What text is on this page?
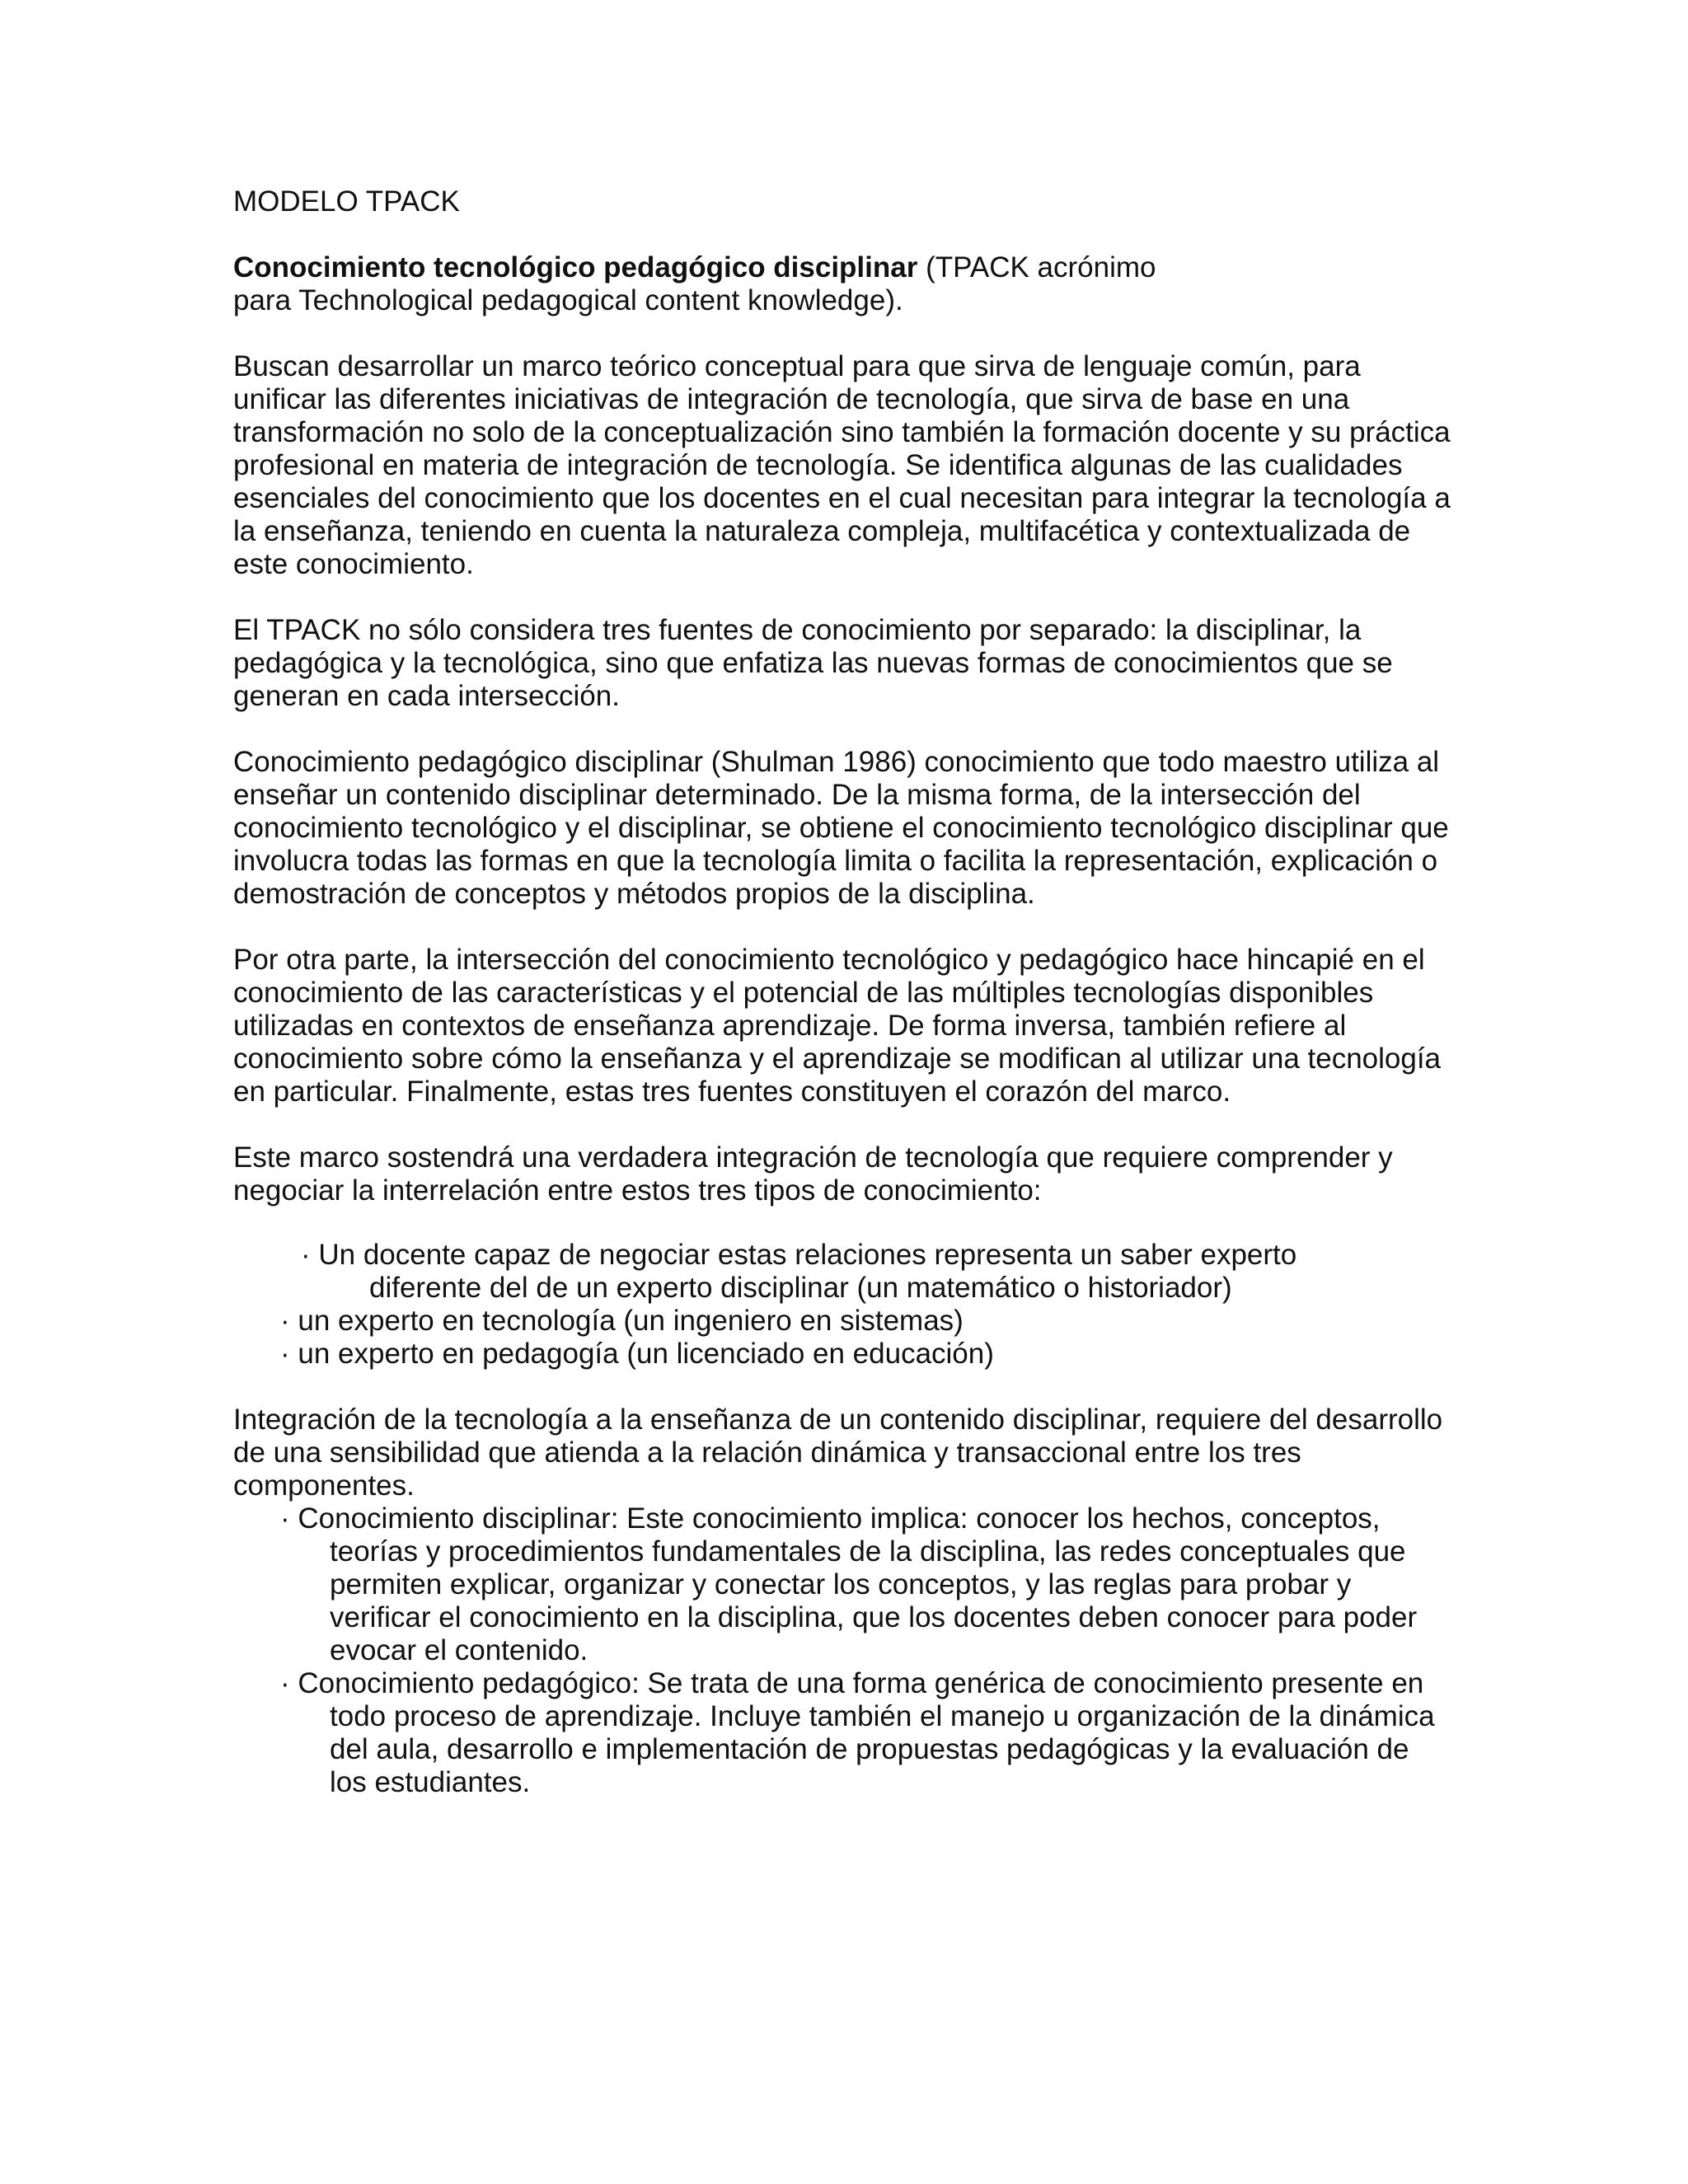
MODELO TPACK

Conocimiento tecnológico pedagógico disciplinar (TPACK acrónimo
para Technological pedagogical content knowledge).

Buscan desarrollar un marco teórico conceptual para que sirva de lenguaje común, para unificar las diferentes iniciativas de integración de tecnología, que sirva de base en una transformación no solo de la conceptualización sino también la formación docente y su práctica profesional en materia de integración de tecnología. Se identifica algunas de las cualidades esenciales del conocimiento que los docentes en el cual necesitan para integrar la tecnología a la enseñanza, teniendo en cuenta la naturaleza compleja, multifacética y contextualizada de este conocimiento.

El TPACK no sólo considera tres fuentes de conocimiento por separado: la disciplinar, la pedagógica y la tecnológica, sino que enfatiza las nuevas formas de conocimientos que se generan en cada intersección.

Conocimiento pedagógico disciplinar (Shulman 1986) conocimiento que todo maestro utiliza al enseñar un contenido disciplinar determinado. De la misma forma, de la intersección del conocimiento tecnológico y el disciplinar, se obtiene el conocimiento tecnológico disciplinar que involucra todas las formas en que la tecnología limita o facilita la representación, explicación o demostración de conceptos y métodos propios de la disciplina.

Por otra parte, la intersección del conocimiento tecnológico y pedagógico hace hincapié en el conocimiento de las características y el potencial de las múltiples tecnologías disponibles utilizadas en contextos de enseñanza aprendizaje. De forma inversa, también refiere al conocimiento sobre cómo la enseñanza y el aprendizaje se modifican al utilizar una tecnología en particular. Finalmente, estas tres fuentes constituyen el corazón del marco.

Este marco sostendrá una verdadera integración de tecnología que requiere comprender y negociar la interrelación entre estos tres tipos de conocimiento:

· Un docente capaz de negociar estas relaciones representa un saber experto
diferente del de un experto disciplinar (un matemático o historiador)
· un experto en tecnología (un ingeniero en sistemas)
· un experto en pedagogía (un licenciado en educación)

Integración de la tecnología a la enseñanza de un contenido disciplinar, requiere del desarrollo de una sensibilidad que atienda a la relación dinámica y transaccional entre los tres componentes.

· Conocimiento disciplinar: Este conocimiento implica: conocer los hechos, conceptos, teorías y procedimientos fundamentales de la disciplina, las redes conceptuales que permiten explicar, organizar y conectar los conceptos, y las reglas para probar y verificar el conocimiento en la disciplina, que los docentes deben conocer para poder evocar el contenido.
· Conocimiento pedagógico: Se trata de una forma genérica de conocimiento presente en todo proceso de aprendizaje. Incluye también el manejo u organización de la dinámica del aula, desarrollo e implementación de propuestas pedagógicas y la evaluación de los estudiantes.
